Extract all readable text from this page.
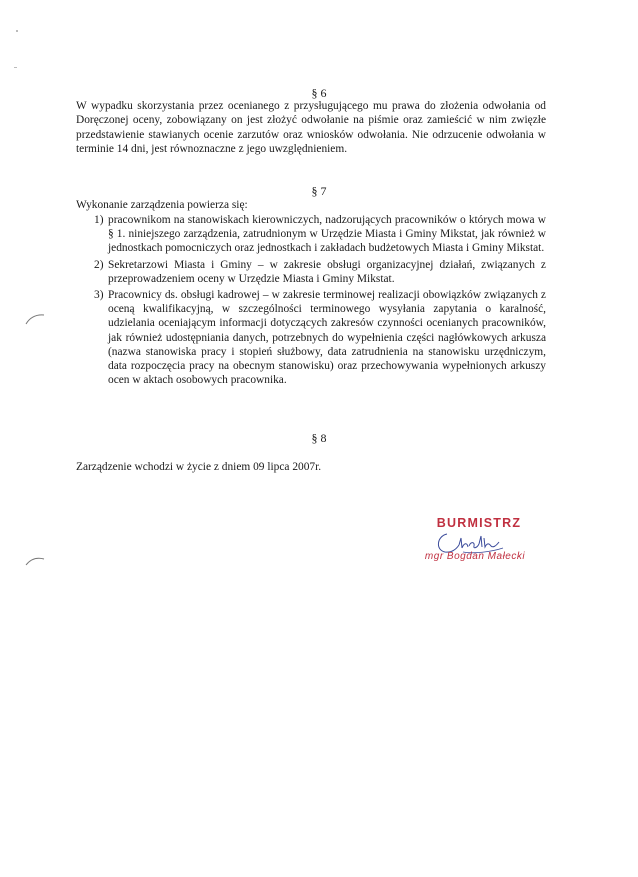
§ 6
W wypadku skorzystania przez ocenianego z przysługującego mu prawa do złożenia odwołania od Doręczonej oceny, zobowiązany on jest złożyć odwołanie na piśmie oraz zamieścić w nim zwięzłe przedstawienie stawianych ocenie zarzutów oraz wniosków odwołania. Nie odrzucenie odwołania w terminie 14 dni, jest równoznaczne z jego uwzględnieniem.
§ 7
Wykonanie zarządzenia powierza się:
1) pracownikom na stanowiskach kierowniczych, nadzorujących pracowników o których mowa w § 1. niniejszego zarządzenia, zatrudnionym w Urzędzie Miasta i Gminy Mikstat, jak również w jednostkach pomocniczych oraz jednostkach i zakładach budżetowych Miasta i Gminy Mikstat.
2) Sekretarzowi Miasta i Gminy – w zakresie obsługi organizacyjnej działań, związanych z przeprowadzeniem oceny w Urzędzie Miasta i Gminy Mikstat.
3) Pracownicy ds. obsługi kadrowej – w zakresie terminowej realizacji obowiązków związanych z oceną kwalifikacyjną, w szczególności terminowego wysyłania zapytania o karalność, udzielania oceniającym informacji dotyczących zakresów czynności ocenianych pracowników, jak również udostępniania danych, potrzebnych do wypełnienia części nagłówkowych arkusza (nazwa stanowiska pracy i stopień służbowy, data zatrudnienia na stanowisku urzędniczym, data rozpoczęcia pracy na obecnym stanowisku) oraz przechowywania wypełnionych arkuszy ocen w aktach osobowych pracownika.
§ 8
Zarządzenie wchodzi w życie z dniem 09 lipca 2007r.
BURMISTRZ
mgr Bogdan Małecki
